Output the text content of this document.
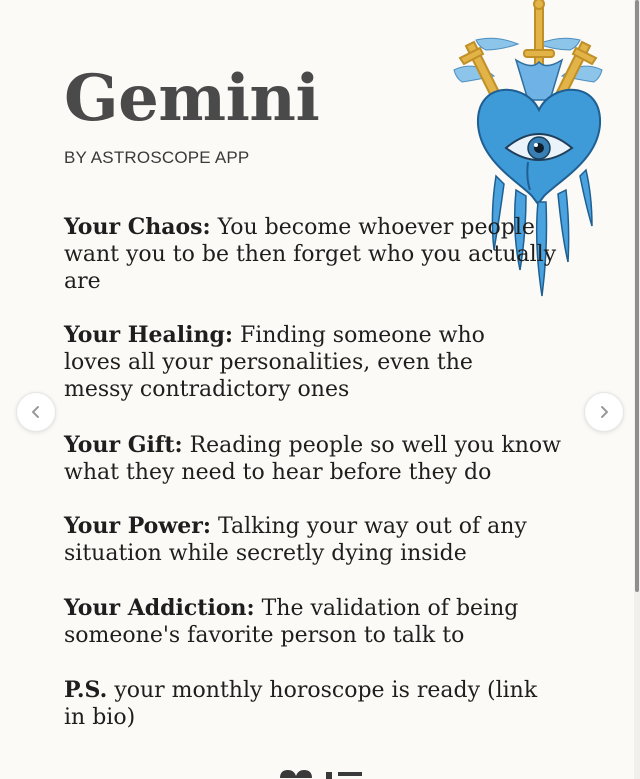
Gemini
BY ASTROSCOPE APP
Your Chaos: You become whoever people want you to be then forget who you actually are
Your Healing: Finding someone who loves all your personalities, even the messy contradictory ones
Your Gift: Reading people so well you know what they need to hear before they do
Your Power: Talking your way out of any situation while secretly dying inside
Your Addiction: The validation of being someone's favorite person to talk to
P.S. your monthly horoscope is ready (link in bio)
